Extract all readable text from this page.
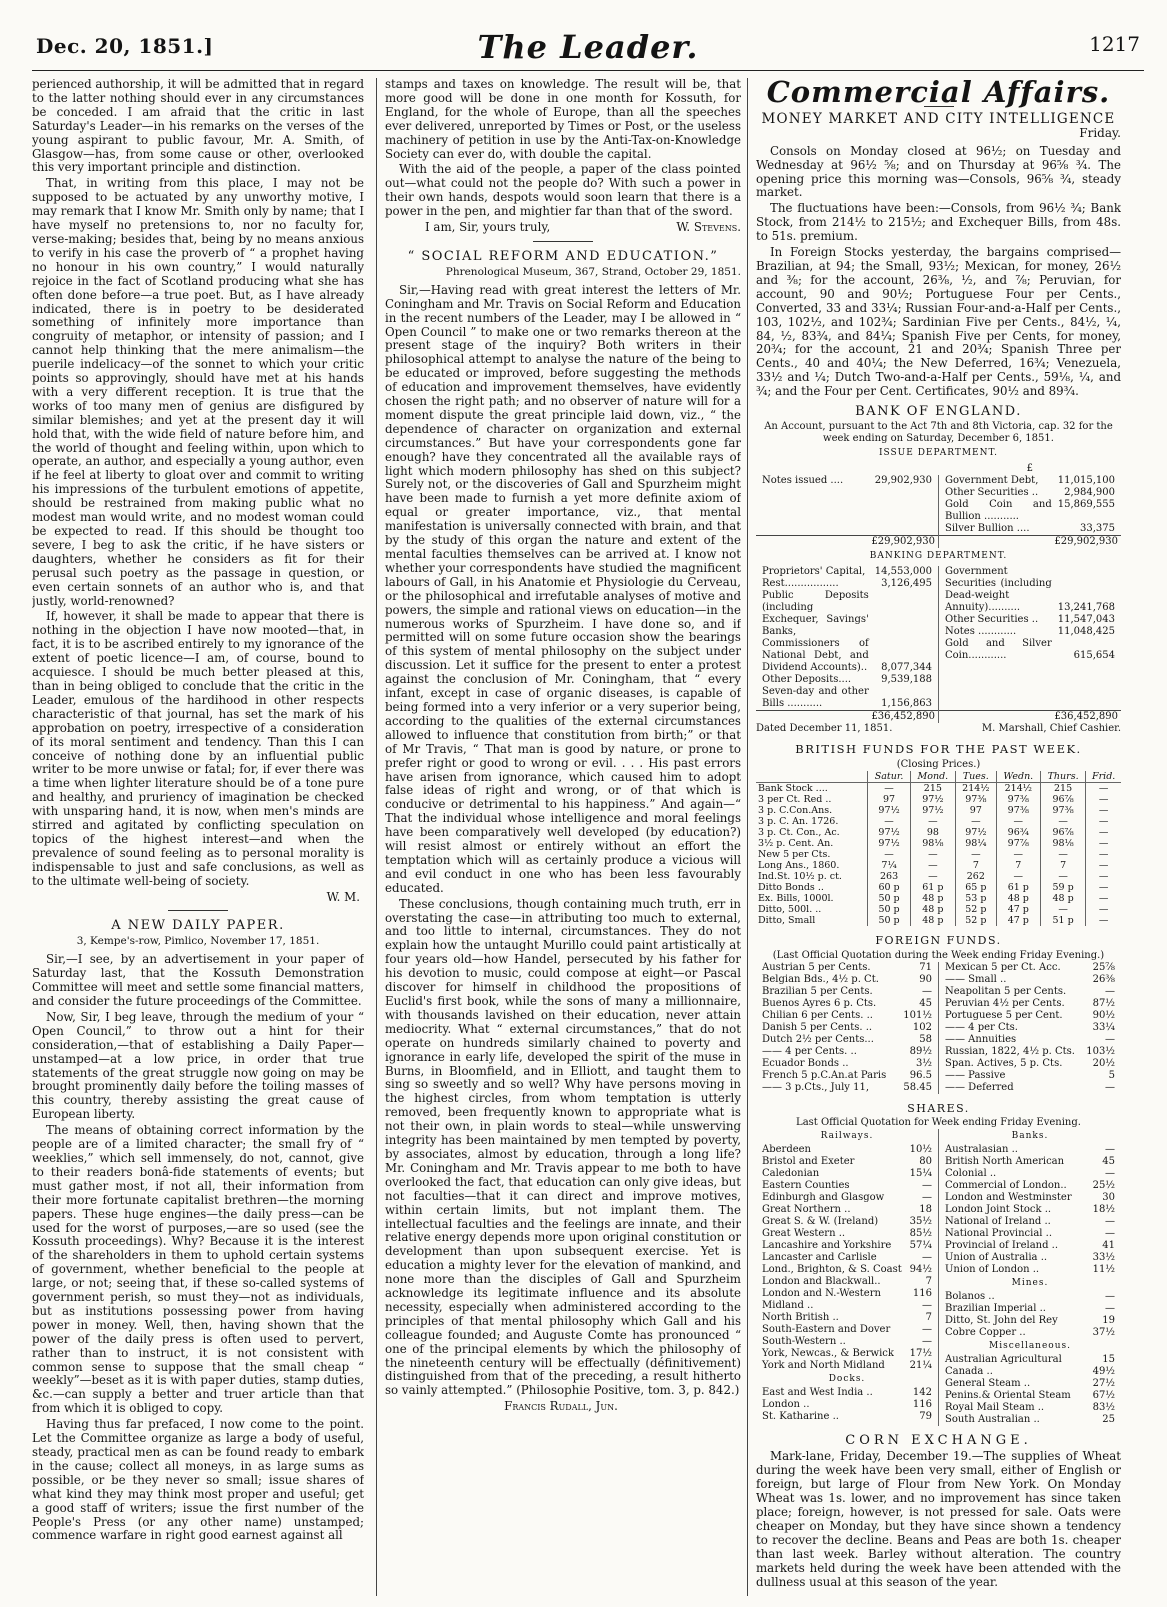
Dec. 20, 1851.]	The Leader.	1217

perienced authorship, it will be admitted that in regard to the latter nothing should ever in any circumstances be conceded. I am afraid that the critic in last Saturday's Leader—in his remarks on the verses of the young aspirant to public favour, Mr. A. Smith, of Glasgow—has, from some cause or other, overlooked this very important principle and distinction.

That, in writing from this place, I may not be supposed to be actuated by any unworthy motive, I may remark that I know Mr. Smith only by name; that I have myself no pretensions to, nor no faculty for, verse-making; besides that, being by no means anxious to verify in his case the proverb of “ a prophet having no honour in his own country,” I would naturally rejoice in the fact of Scotland producing what she has often done before—a true poet. But, as I have already indicated, there is in poetry to be desiderated something of infinitely more importance than congruity of metaphor, or intensity of passion; and I cannot help thinking that the mere animalism—the puerile indelicacy—of the sonnet to which your critic points so approvingly, should have met at his hands with a very different reception. It is true that the works of too many men of genius are disfigured by similar blemishes; and yet at the present day it will hold that, with the wide field of nature before him, and the world of thought and feeling within, upon which to operate, an author, and especially a young author, even if he feel at liberty to gloat over and commit to writing his impressions of the turbulent emotions of appetite, should be restrained from making public what no modest man would write, and no modest woman could be expected to read. If this should be thought too severe, I beg to ask the critic, if he have sisters or daughters, whether he considers as fit for their perusal such poetry as the passage in question, or even certain sonnets of an author who is, and that justly, world-renowned?

If, however, it shall be made to appear that there is nothing in the objection I have now mooted—that, in fact, it is to be ascribed entirely to my ignorance of the extent of poetic licence—I am, of course, bound to acquiesce. I should be much better pleased at this, than in being obliged to conclude that the critic in the Leader, emulous of the hardihood in other respects characteristic of that journal, has set the mark of his approbation on poetry, irrespective of a consideration of its moral sentiment and tendency. Than this I can conceive of nothing done by an influential public writer to be more unwise or fatal; for, if ever there was a time when lighter literature should be of a tone pure and healthy, and pruriency of imagination be checked with unsparing hand, it is now, when men's minds are stirred and agitated by conflicting speculation on topics of the highest interest—and when the prevalence of sound feeling as to personal morality is indispensable to just and safe conclusions, as well as to the ultimate well-being of society.

W. M.
A NEW DAILY PAPER.
3, Kempe's-row, Pimlico, November 17, 1851.

Sir,—I see, by an advertisement in your paper of Saturday last, that the Kossuth Demonstration Committee will meet and settle some financial matters, and consider the future proceedings of the Committee.

Now, Sir, I beg leave, through the medium of your “ Open Council,” to throw out a hint for their consideration,—that of establishing a Daily Paper—unstamped—at a low price, in order that true statements of the great struggle now going on may be brought prominently daily before the toiling masses of this country, thereby assisting the great cause of European liberty.

The means of obtaining correct information by the people are of a limited character; the small fry of “ weeklies,” which sell immensely, do not, cannot, give to their readers bonâ-fide statements of events; but must gather most, if not all, their information from their more fortunate capitalist brethren—the morning papers. These huge engines—the daily press—can be used for the worst of purposes,—are so used (see the Kossuth proceedings). Why? Because it is the interest of the shareholders in them to uphold certain systems of government, whether beneficial to the people at large, or not; seeing that, if these so-called systems of government perish, so must they—not as individuals, but as institutions possessing power from having power in money. Well, then, having shown that the power of the daily press is often used to pervert, rather than to instruct, it is not consistent with common sense to suppose that the small cheap “ weekly”—beset as it is with paper duties, stamp duties, &c.—can supply a better and truer article than that from which it is obliged to copy.

Having thus far prefaced, I now come to the point. Let the Committee organize as large a body of useful, steady, practical men as can be found ready to embark in the cause; collect all moneys, in as large sums as possible, or be they never so small; issue shares of what kind they may think most proper and useful; get a good staff of writers; issue the first number of the People's Press (or any other name) unstamped; commence warfare in right good earnest against all

stamps and taxes on knowledge. The result will be, that more good will be done in one month for Kossuth, for England, for the whole of Europe, than all the speeches ever delivered, unreported by Times or Post, or the useless machinery of petition in use by the Anti-Tax-on-Knowledge Society can ever do, with double the capital.

With the aid of the people, a paper of the class pointed out—what could not the people do? With such a power in their own hands, despots would soon learn that there is a power in the pen, and mightier far than that of the sword.

I am, Sir, yours truly,	W. Stevens.
“ SOCIAL REFORM AND EDUCATION.”
Phrenological Museum, 367, Strand, October 29, 1851.

Sir,—Having read with great interest the letters of Mr. Coningham and Mr. Travis on Social Reform and Education in the recent numbers of the Leader, may I be allowed in “ Open Council ” to make one or two remarks thereon at the present stage of the inquiry? Both writers in their philosophical attempt to analyse the nature of the being to be educated or improved, before suggesting the methods of education and improvement themselves, have evidently chosen the right path; and no observer of nature will for a moment dispute the great principle laid down, viz., “ the dependence of character on organization and external circumstances.” But have your correspondents gone far enough? have they concentrated all the available rays of light which modern philosophy has shed on this subject? Surely not, or the discoveries of Gall and Spurzheim might have been made to furnish a yet more definite axiom of equal or greater importance, viz., that mental manifestation is universally connected with brain, and that by the study of this organ the nature and extent of the mental faculties themselves can be arrived at. I know not whether your correspondents have studied the magnificent labours of Gall, in his Anatomie et Physiologie du Cerveau, or the philosophical and irrefutable analyses of motive and powers, the simple and rational views on education—in the numerous works of Spurzheim. I have done so, and if permitted will on some future occasion show the bearings of this system of mental philosophy on the subject under discussion. Let it suffice for the present to enter a protest against the conclusion of Mr. Coningham, that “ every infant, except in case of organic diseases, is capable of being formed into a very inferior or a very superior being, according to the qualities of the external circumstances allowed to influence that constitution from birth;” or that of Mr Travis, “ That man is good by nature, or prone to prefer right or good to wrong or evil. . . . His past errors have arisen from ignorance, which caused him to adopt false ideas of right and wrong, or of that which is conducive or detrimental to his happiness.” And again—“ That the individual whose intelligence and moral feelings have been comparatively well developed (by education?) will resist almost or entirely without an effort the temptation which will as certainly produce a vicious will and evil conduct in one who has been less favourably educated.

These conclusions, though containing much truth, err in overstating the case—in attributing too much to external, and too little to internal, circumstances. They do not explain how the untaught Murillo could paint artistically at four years old—how Handel, persecuted by his father for his devotion to music, could compose at eight—or Pascal discover for himself in childhood the propositions of Euclid's first book, while the sons of many a millionnaire, with thousands lavished on their education, never attain mediocrity. What “ external circumstances,” that do not operate on hundreds similarly chained to poverty and ignorance in early life, developed the spirit of the muse in Burns, in Bloomfield, and in Elliott, and taught them to sing so sweetly and so well? Why have persons moving in the highest circles, from whom temptation is utterly removed, been frequently known to appropriate what is not their own, in plain words to steal—while unswerving integrity has been maintained by men tempted by poverty, by associates, almost by education, through a long life? Mr. Coningham and Mr. Travis appear to me both to have overlooked the fact, that education can only give ideas, but not faculties—that it can direct and improve motives, within certain limits, but not implant them. The intellectual faculties and the feelings are innate, and their relative energy depends more upon original constitution or development than upon subsequent exercise. Yet is education a mighty lever for the elevation of mankind, and none more than the disciples of Gall and Spurzheim acknowledge its legitimate influence and its absolute necessity, especially when administered according to the principles of that mental philosophy which Gall and his colleague founded; and Auguste Comte has pronounced “ one of the principal elements by which the philosophy of the nineteenth century will be effectually (définitivement) distinguished from that of the preceding, a result hitherto so vainly attempted.” (Philosophie Positive, tom. 3, p. 842.)

Francis Rudall, Jun.
Commercial Affairs.
MONEY MARKET AND CITY INTELLIGENCE
Friday.

Consols on Monday closed at 96½; on Tuesday and Wednesday at 96½ ⅝; and on Thursday at 96⅝ ¾. The opening price this morning was—Consols, 96⅝ ¾, steady market.

The fluctuations have been:—Consols, from 96½ ¾; Bank Stock, from 214½ to 215½; and Exchequer Bills, from 48s. to 51s. premium.

In Foreign Stocks yesterday, the bargains comprised—Brazilian, at 94; the Small, 93½; Mexican, for money, 26½ and ⅜; for the account, 26⅜, ½, and ⅞; Peruvian, for account, 90 and 90½; Portuguese Four per Cents., Converted, 33 and 33¼; Russian Four-and-a-Half per Cents., 103, 102½, and 102¾; Sardinian Five per Cents., 84½, ¼, 84, ½, 83¾, and 84¼; Spanish Five per Cents, for money, 20¾; for the account, 21 and 20¾; Spanish Three per Cents., 40 and 40¼; the New Deferred, 16¾; Venezuela, 33½ and ¼; Dutch Two-and-a-Half per Cents., 59⅛, ¼, and ¾; and the Four per Cent. Certificates, 90½ and 89¾.

BANK OF ENGLAND.
An Account, pursuant to the Act 7th and 8th Victoria, cap. 32 for the week ending on Saturday, December 6, 1851.
ISSUE DEPARTMENT.
	£

Notes issued ....	29,902,930
	Government Debt,	11,015,100
Other Securities ..	2,984,900
Gold Coin and Bullion ...........	15,869,555
Silver Bullion ....	33,375

£29,902,930	£29,902,930
BANKING DEPARTMENT.
Proprietors' Capital,	14,553,000
Rest.................	3,126,495
Public Deposits (including Exchequer, Savings' Banks, Commissioners of National Debt, and Dividend Accounts)..	8,077,344
Other Deposits....	9,539,188
Seven-day and other Bills ...........	1,156,863

Government Securities (including Dead-weight Annuity)..........	13,241,768
Other Securities ..	11,547,043
Notes ............	11,048,425
Gold and Silver Coin............	615,654

£36,452,890	£36,452,890
Dated December 11, 1851.	M. Marshall, Chief Cashier.
BRITISH FUNDS FOR THE PAST WEEK.
(Closing Prices.)
	Satur.	Mond.	Tues.	Wedn.	Thurs.	Frid.
Bank Stock ....	—	215	214½	214½	215	—
3 per Ct. Red ..	97	97½	97⅜	97⅜	96⅞	—
3 p. C.Con.Ans.	97½	97½	97	97⅜	97⅜	—
3 p. C. An. 1726.	—	—	—	—	—	—
3 p. Ct. Con., Ac.	97½	98	97½	96¾	96⅞	—
3½ p. Cent. An.	97½	98⅛	98¼	97⅞	98⅛	—
New 5 per Cts.	—	—	—	—	—	—
Long Ans., 1860.	7¼	—	7	7	7	—
Ind.St. 10½ p. ct.	263	—	262	—	—	—
Ditto Bonds ..	60 p	61 p	65 p	61 p	59 p	—
Ex. Bills, 1000l.	50 p	48 p	53 p	48 p	48 p	—
Ditto, 500l. ..	50 p	48 p	52 p	47 p	—	—
Ditto, Small	50 p	48 p	52 p	47 p	51 p	—
FOREIGN FUNDS.
(Last Official Quotation during the Week ending Friday Evening.)
Austrian 5 per Cents.	71
Belgian Bds., 4½ p. Ct.	90
Brazilian 5 per Cents.	—
Buenos Ayres 6 p. Cts.	45
Chilian 6 per Cents. ..	101½
Danish 5 per Cents. ..	102
Dutch 2½ per Cents...	58
—— 4 per Cents. ..	89½
Ecuador Bonds ..	3½
French 5 p.C.An.at Paris	96.5
—— 3 p.Cts., July 11,	58.45

Mexican 5 per Ct. Acc.	25⅞
—— Small ..	26⅜
Neapolitan 5 per Cents.	—
Peruvian 4½ per Cents.	87½
Portuguese 5 per Cent.	90½
—— 4 per Cts.	33¼
—— Annuities	—
Russian, 1822, 4½ p. Cts.	103½
Span. Actives, 5 p. Cts.	20½
—— Passive	5
—— Deferred	—
SHARES.
Last Official Quotation for Week ending Friday Evening.
Railways.
Aberdeen	10½
Bristol and Exeter	80
Caledonian	15¼
Eastern Counties	—
Edinburgh and Glasgow	—
Great Northern ..	18
Great S. & W. (Ireland)	35½
Great Western ..	85½
Lancashire and Yorkshire	57¼
Lancaster and Carlisle	—
Lond., Brighton, & S. Coast	94½
London and Blackwall..	7
London and N.-Western	116
Midland ..	—
North British ..	7
South-Eastern and Dover	—
South-Western ..	—
York, Newcas., & Berwick	17½
York and North Midland	21¼
Docks.
East and West India ..	142
London ..	116
St. Katharine ..	79

Banks.
Australasian ..	—
British North American	45
Colonial ..	—
Commercial of London..	25½
London and Westminster	30
London Joint Stock ..	18½
National of Ireland ..	—
National Provincial ..	—
Provincial of Ireland ..	41
Union of Australia ..	33½
Union of London ..	11½
Mines.
Bolanos ..	—
Brazilian Imperial ..	—
Ditto, St. John del Rey	19
Cobre Copper ..	37½
Miscellaneous.
Australian Agricultural	15
Canada ..	49½
General Steam ..	27½
Penins.& Oriental Steam	67½
Royal Mail Steam ..	83½
South Australian ..	25
CORN EXCHANGE.

Mark-lane, Friday, December 19.—The supplies of Wheat during the week have been very small, either of English or foreign, but large of Flour from New York. On Monday Wheat was 1s. lower, and no improvement has since taken place; foreign, however, is not pressed for sale. Oats were cheaper on Monday, but they have since shown a tendency to recover the decline. Beans and Peas are both 1s. cheaper than last week. Barley without alteration. The country markets held during the week have been attended with the dullness usual at this season of the year.
